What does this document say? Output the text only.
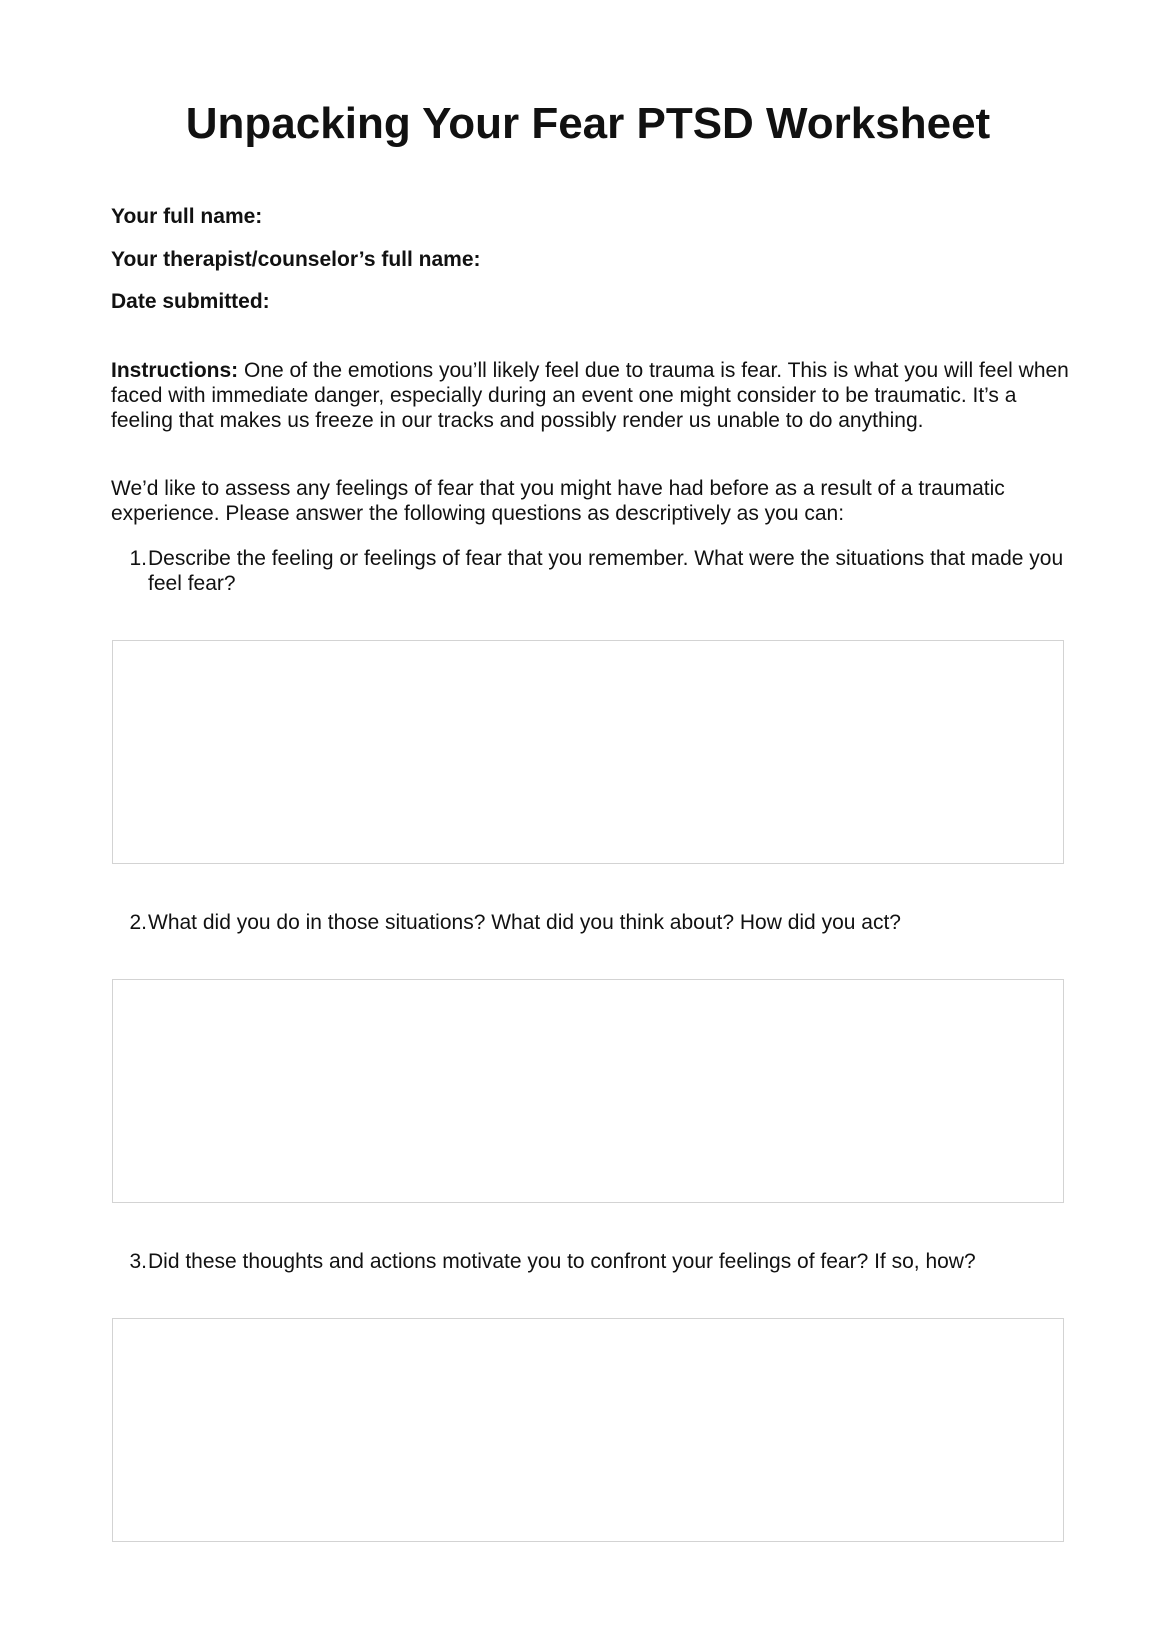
Unpacking Your Fear PTSD Worksheet

Your full name:

Your therapist/counselor’s full name:

Date submitted:

Instructions: One of the emotions you’ll likely feel due to trauma is fear. This is what you will feel when faced with immediate danger, especially during an event one might consider to be traumatic. It’s a feeling that makes us freeze in our tracks and possibly render us unable to do anything.

We’d like to assess any feelings of fear that you might have had before as a result of a traumatic experience. Please answer the following questions as descriptively as you can:

1. Describe the feeling or feelings of fear that you remember. What were the situations that made you feel fear?
2. What did you do in those situations? What did you think about? How did you act?
3. Did these thoughts and actions motivate you to confront your feelings of fear? If so, how?
